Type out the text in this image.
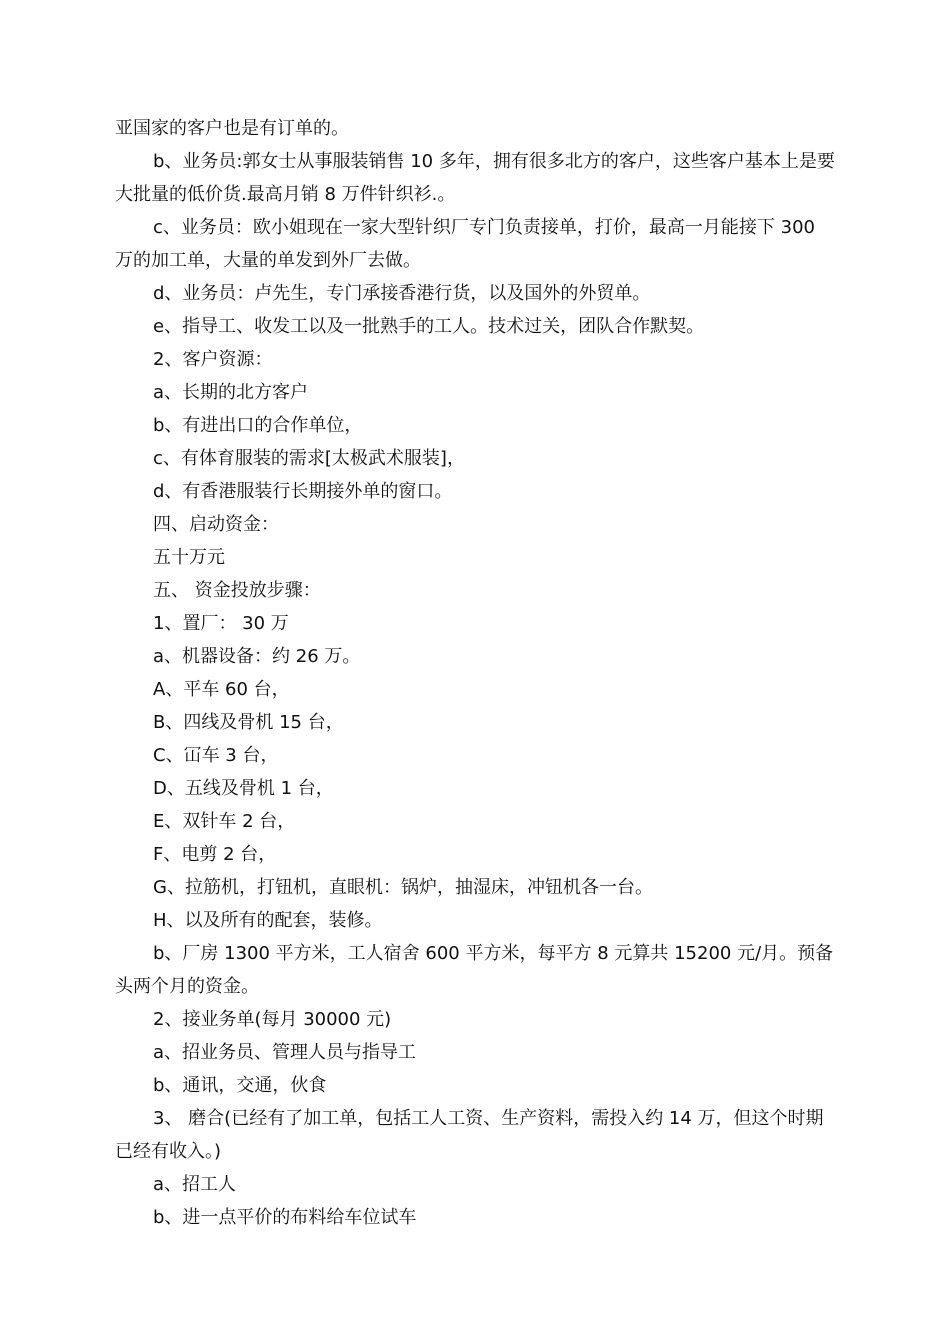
亚国家的客户也是有订单的。

b、业务员:郭女士从事服装销售 10 多年，拥有很多北方的客户，这些客户基本上是要大批量的低价货.最高月销 8 万件针织衫.。

c、业务员：欧小姐现在一家大型针织厂专门负责接单，打价，最高一月能接下 300 万的加工单，大量的单发到外厂去做。

d、业务员：卢先生，专门承接香港行货，以及国外的外贸单。

e、指导工、收发工以及一批熟手的工人。技术过关，团队合作默契。

2、客户资源：

a、长期的北方客户

b、有进出口的合作单位，

c、有体育服装的需求[太极武术服装]，

d、有香港服装行长期接外单的窗口。

四、启动资金：

五十万元

五、 资金投放步骤：

1、置厂： 30 万

a、机器设备：约 26 万。

A、平车 60 台，

B、四线及骨机 15 台，

C、冚车 3 台，

D、五线及骨机 1 台，

E、双针车 2 台，

F、电剪 2 台，

G、拉筋机，打钮机，直眼机：锅炉，抽湿床，冲钮机各一台。

H、以及所有的配套，装修。

b、厂房 1300 平方米，工人宿舍 600 平方米，每平方 8 元算共 15200 元/月。预备头两个月的资金。

2、接业务单(每月 30000 元)

a、招业务员、管理人员与指导工

b、通讯，交通，伙食

3、 磨合(已经有了加工单，包括工人工资、生产资料，需投入约 14 万，但这个时期已经有收入。)

a、招工人

b、进一点平价的布料给车位试车
